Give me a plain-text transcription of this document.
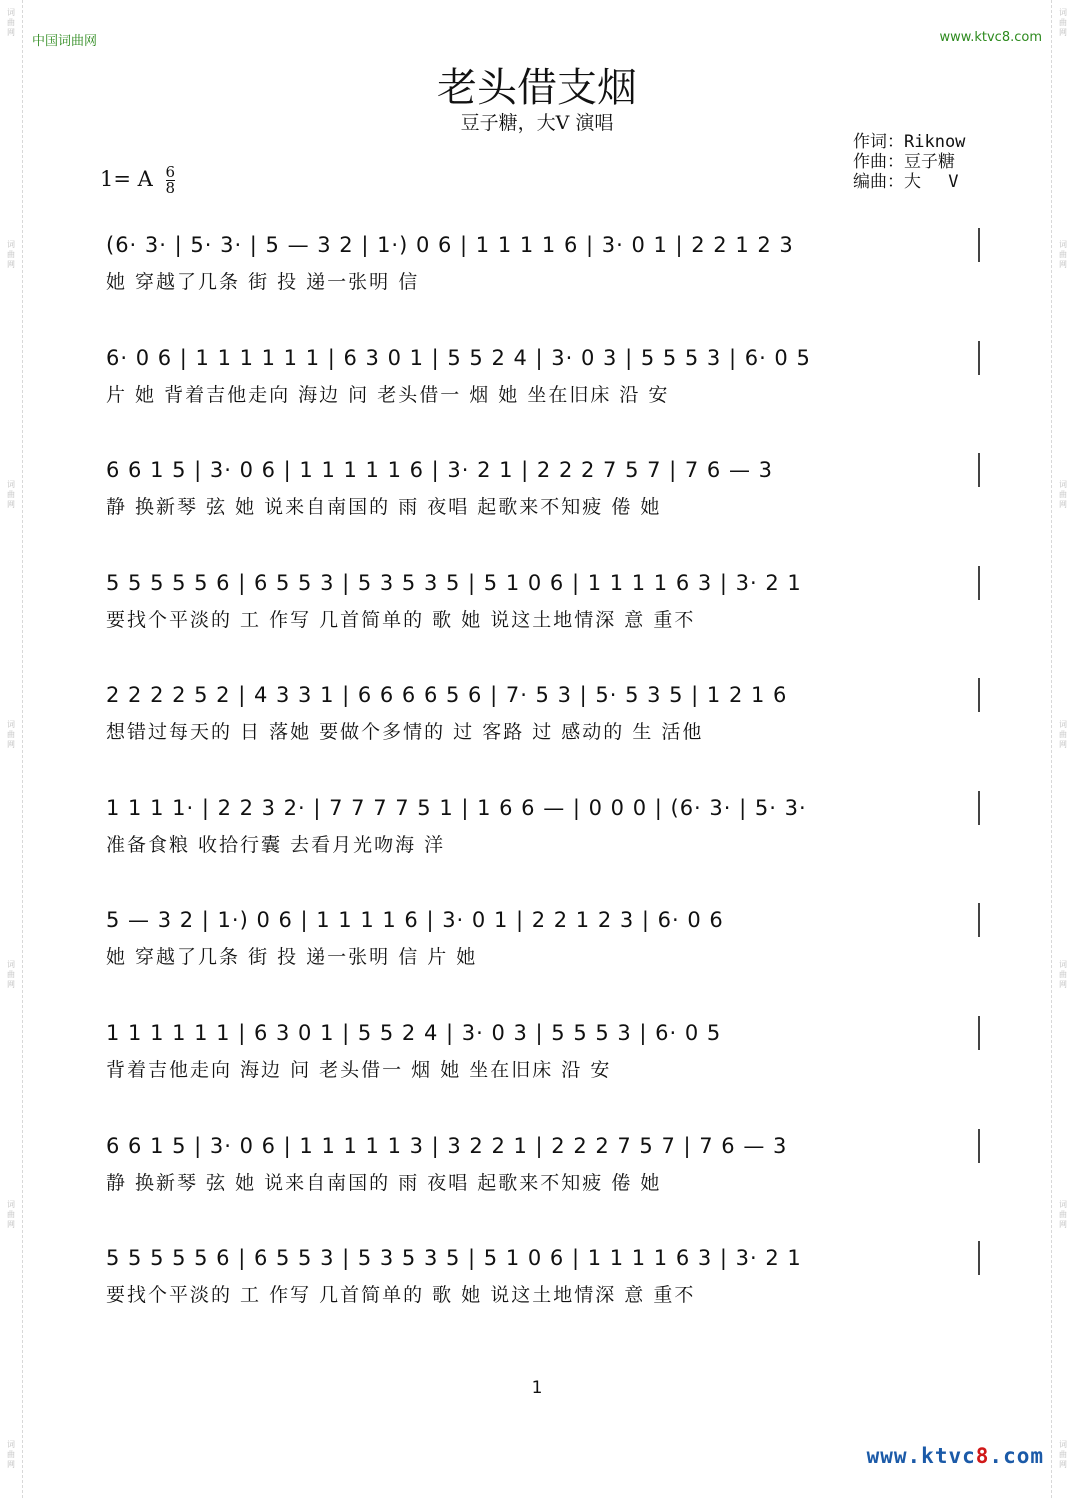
词曲网
词曲网
词曲网
词曲网
词曲网
词曲网
词曲网
词曲网
词曲网
词曲网
词曲网
词曲网
词曲网
词曲网
中国词曲网	www.ktvc8.com
老头借支烟
豆子糖，大V 演唱
作词：Riknow
作曲：豆子糖
编曲：大　 V
1= A $\frac{6}{8}$
(6· 3· | 5· 3· | 5 — 3 2 | 1·) 0 6 | 1 1 1 1 6 | 3· 0 1 | 2 2 1 2 3
她 穿越了几条 街 投 递一张明 信
6· 0 6 | 1 1 1 1 1 1 | 6 3 0 1 | 5 5 2 4 | 3· 0 3 | 5 5 5 3 | 6· 0 5
片 她 背着吉他走向 海边 问 老头借一 烟 她 坐在旧床 沿 安
6 6 1 5 | 3· 0 6 | 1 1 1 1 1 6 | 3· 2 1 | 2 2 2 7 5 7 | 7 6 — 3
静 换新琴 弦 她 说来自南国的 雨 夜唱 起歌来不知疲 倦 她
5 5 5 5 5 6 | 6 5 5 3 | 5 3 5 3 5 | 5 1 0 6 | 1 1 1 1 6 3 | 3· 2 1
要找个平淡的 工 作写 几首简单的 歌 她 说这土地情深 意 重不
2 2 2 2 5 2 | 4 3 3 1 | 6 6 6 6 5 6 | 7· 5 3 | 5· 5 3 5 | 1 2 1 6
想错过每天的 日 落她 要做个多情的 过 客路 过 感动的 生 活他
1 1 1 1· | 2 2 3 2· | 7 7 7 7 5 1 | 1 6 6 — | 0 0 0 | (6· 3· | 5· 3·
准备食粮 收拾行囊 去看月光吻海 洋
5 — 3 2 | 1·) 0 6 | 1 1 1 1 6 | 3· 0 1 | 2 2 1 2 3 | 6· 0 6
她 穿越了几条 街 投 递一张明 信 片 她
1 1 1 1 1 1 | 6 3 0 1 | 5 5 2 4 | 3· 0 3 | 5 5 5 3 | 6· 0 5
背着吉他走向 海边 问 老头借一 烟 她 坐在旧床 沿 安
6 6 1 5 | 3· 0 6 | 1 1 1 1 1 3 | 3 2 2 1 | 2 2 2 7 5 7 | 7 6 — 3
静 换新琴 弦 她 说来自南国的 雨 夜唱 起歌来不知疲 倦 她
5 5 5 5 5 6 | 6 5 5 3 | 5 3 5 3 5 | 5 1 0 6 | 1 1 1 1 6 3 | 3· 2 1
要找个平淡的 工 作写 几首简单的 歌 她 说这土地情深 意 重不
1
www.ktvc8.com
